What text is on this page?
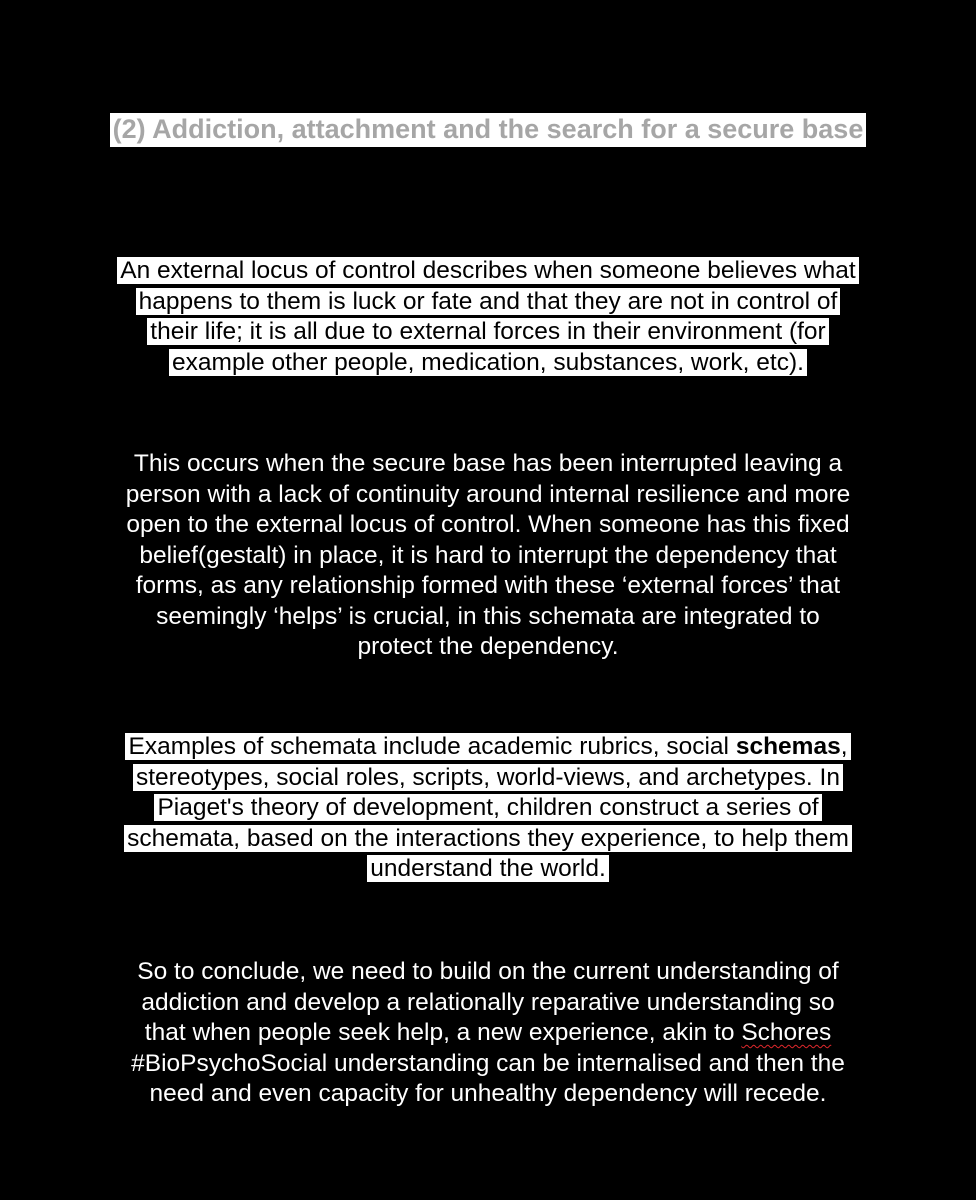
(2) Addiction, attachment and the search for a secure base

An external locus of control describes when someone believes what
happens to them is luck or fate and that they are not in control of
their life; it is all due to external forces in their environment (for
example other people, medication, substances, work, etc).

This occurs when the secure base has been interrupted leaving a
person with a lack of continuity around internal resilience and more
open to the external locus of control. When someone has this fixed
belief(gestalt) in place, it is hard to interrupt the dependency that
forms, as any relationship formed with these ‘external forces’ that
seemingly ‘helps’ is crucial, in this schemata are integrated to
protect the dependency.

Examples of schemata include academic rubrics, social schemas,
stereotypes, social roles, scripts, world-views, and archetypes. In
Piaget's theory of development, children construct a series of
schemata, based on the interactions they experience, to help them
understand the world.

So to conclude, we need to build on the current understanding of
addiction and develop a relationally reparative understanding so
that when people seek help, a new experience, akin to Schores
#BioPsychoSocial understanding can be internalised and then the
need and even capacity for unhealthy dependency will recede.
